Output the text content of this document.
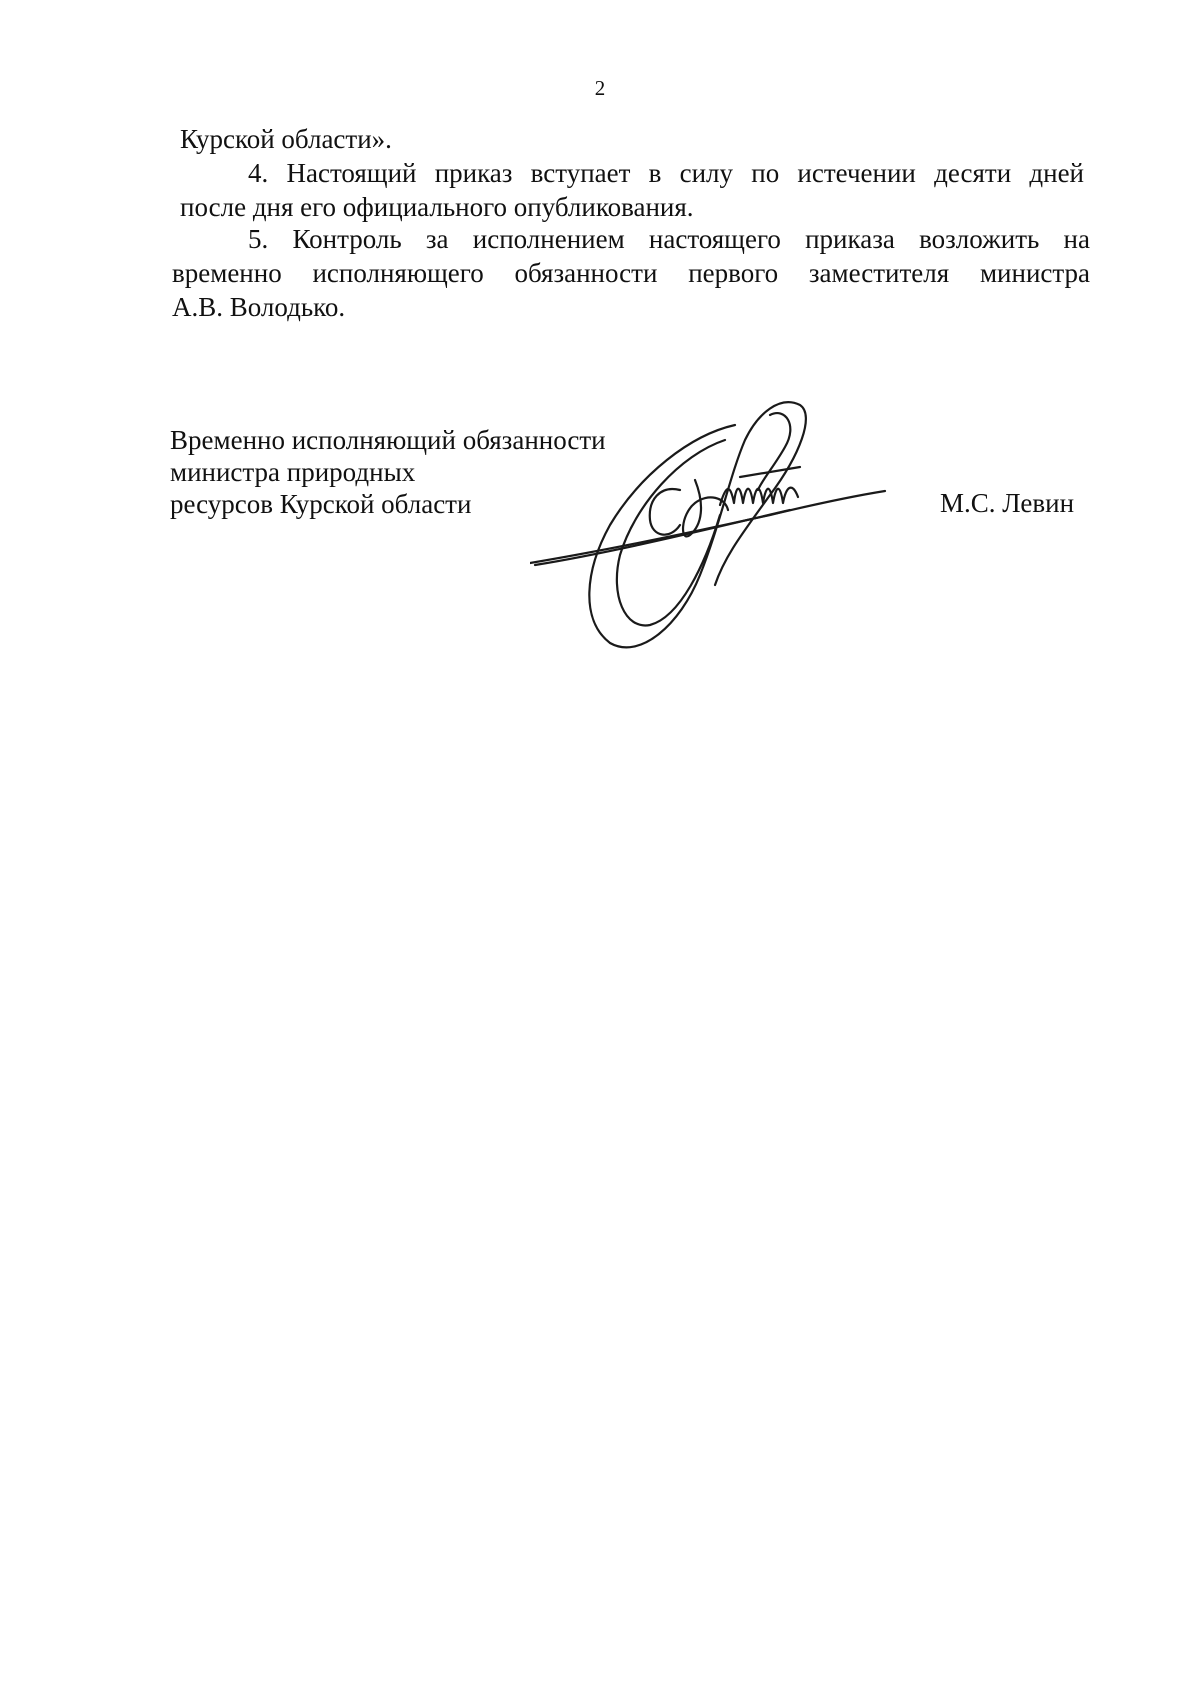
2
Курской области».
4. Настоящий приказ вступает в силу по истечении десяти дней
после дня его официального опубликования.
5. Контроль за исполнением настоящего приказа возложить на
временно исполняющего обязанности первого заместителя министра
А.В. Володько.
Временно исполняющий обязанности
министра природных
ресурсов Курской области	М.С. Левин
